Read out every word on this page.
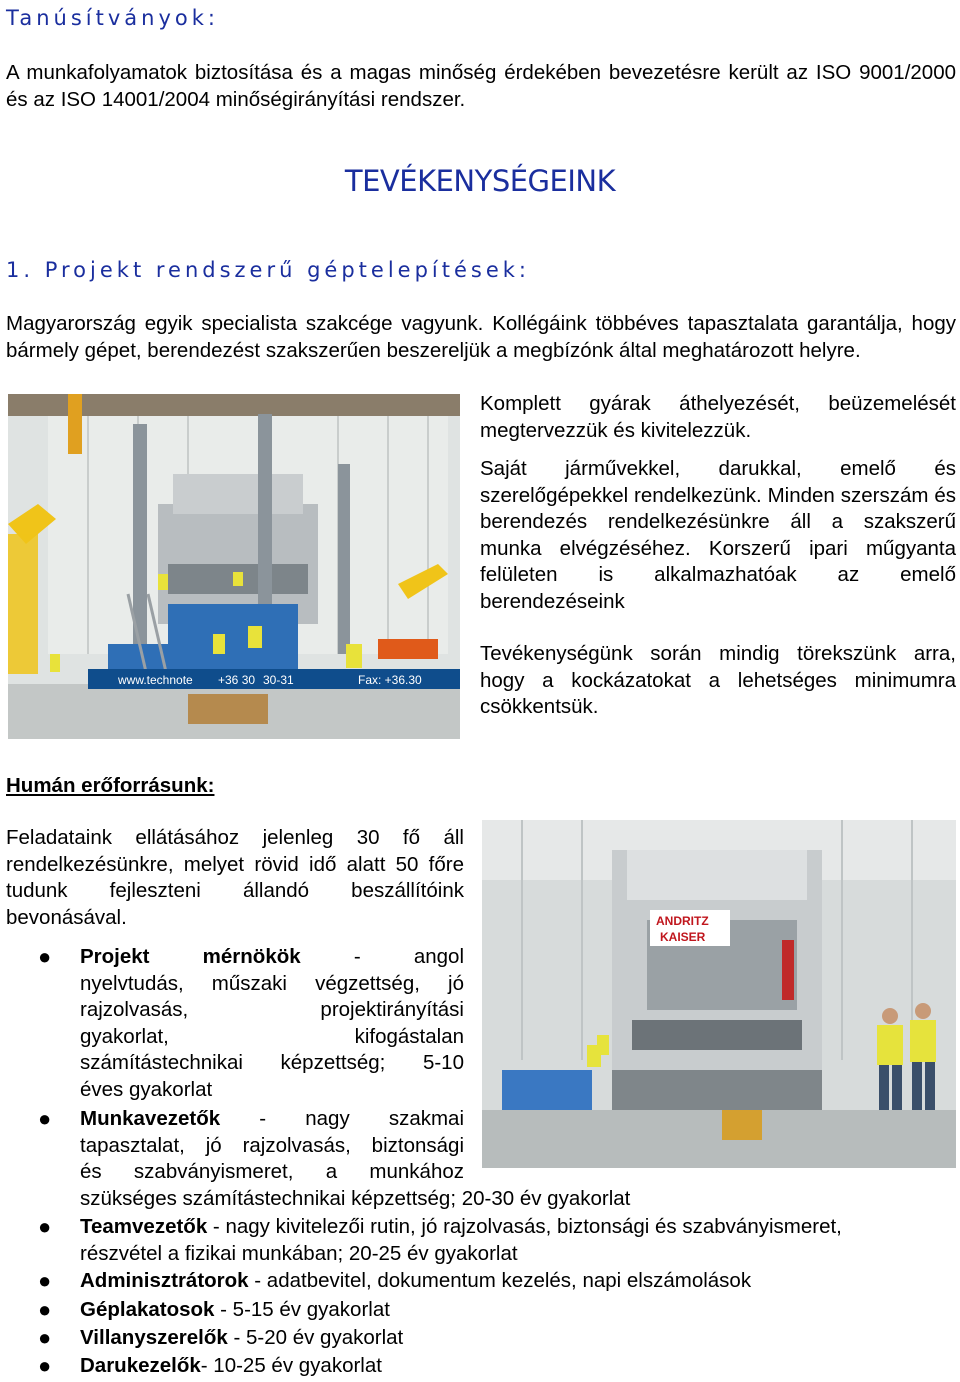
Tanúsítványok:

A munkafolyamatok biztosítása és a magas minőség érdekében bevezetésre került az ISO 9001/2000 és az ISO 14001/2004 minőségirányítási rendszer.

TEVÉKENYSÉGEINK
1. Projekt rendszerű géptelepítések:

Magyarország egyik specialista szakcége vagyunk. Kollégáink többéves tapasztalata garantálja, hogy bármely gépet, berendezést szakszerűen beszereljük a megbízónk által meghatározott helyre.

www.technote +36 30 30-31	Fax: +36.30

Komplett gyárak áthelyezését, beüzemelését megtervezzük és kivitelezzük.

Saját járművekkel, darukkal, emelő és szerelőgépekkel rendelkezünk. Minden szerszám és berendezés rendelkezésünkre áll a szakszerű munka elvégzéséhez. Korszerű ipari műgyanta felületen is alkalmazhatóak az emelő berendezéseink

Tevékenységünk során mindig törekszünk arra, hogy a kockázatokat a lehetséges minimumra csökkentsük.

Humán erőforrásunk:

Feladataink ellátásához jelenleg 30 fő áll rendelkezésünkre, melyet rövid idő alatt 50 főre tudunk fejleszteni állandó beszállítóink bevonásával.	ANDRITZ
KAISER
● Projekt mérnökök	- angol
nyelvtudás, műszaki végzettség, jó
rajzolvasás, projektirányítási
gyakorlat, kifogástalan
számítástechnikai képzettség; 5-10
éves gyakorlat
● Munkavezetők - nagy szakmai
tapasztalat, jó rajzolvasás, biztonsági
és szabványismeret, a munkához
szükséges számítástechnikai képzettség; 20-30 év gyakorlat
● Teamvezetők - nagy kivitelezői rutin, jó rajzolvasás, biztonsági és szabványismeret,
részvétel a fizikai munkában; 20-25 év gyakorlat
● Adminisztrátorok - adatbevitel, dokumentum kezelés, napi elszámolások
● Géplakatosok - 5-15 év gyakorlat
● Villanyszerelők - 5-20 év gyakorlat
● Darukezelők- 10-25 év gyakorlat
